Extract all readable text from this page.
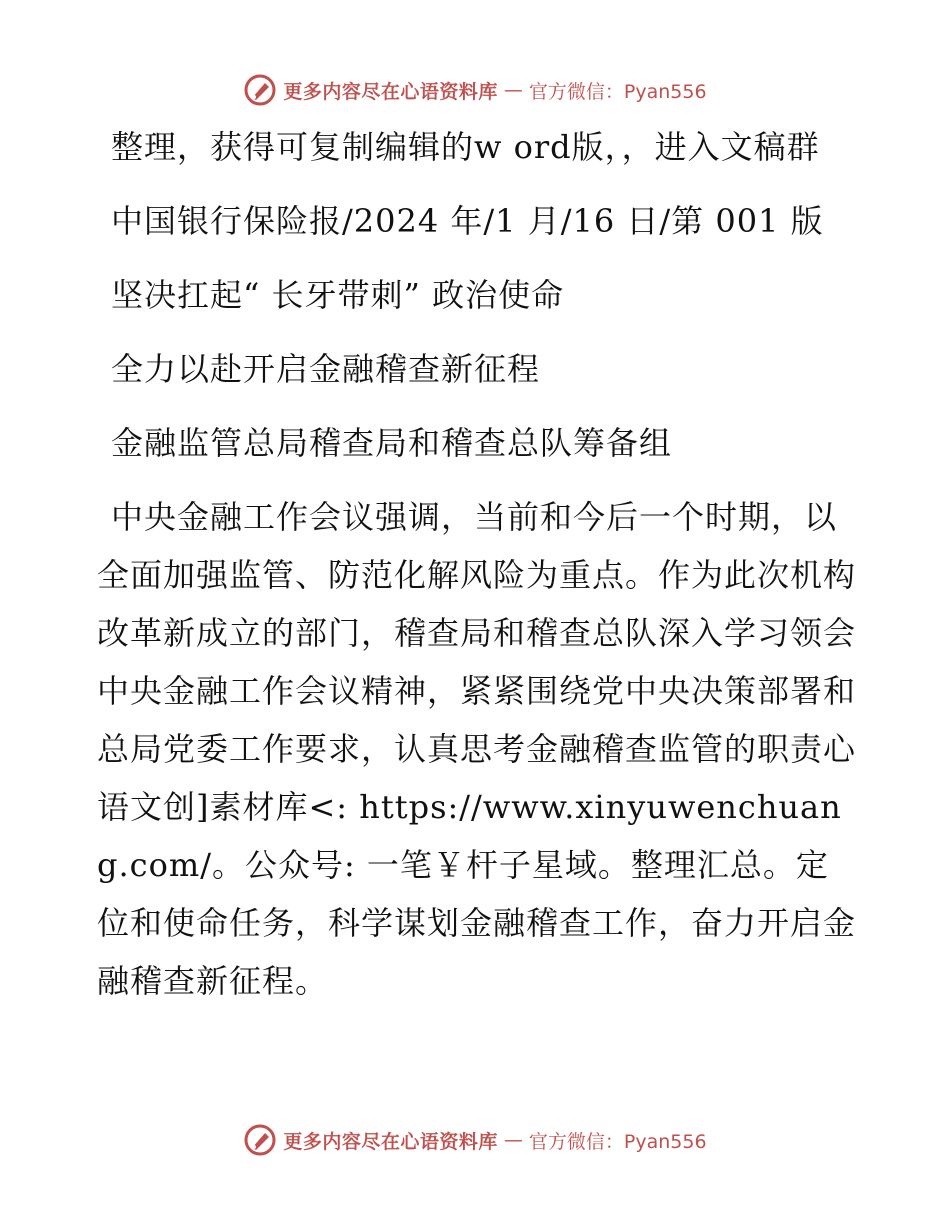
更多内容尽在心语资料库 — 官方微信：Pyan556

整理，获得可复制编辑的w ord版，，进入文稿群

中国银行保险报/2024 年/1 月/16 日/第 001 版

坚决扛起“ 长牙带刺” 政治使命

全力以赴开启金融稽查新征程

金融监管总局稽查局和稽查总队筹备组

中央金融工作会议强调，当前和今后一个时期，以全面加强监管、防范化解风险为重点。作为此次机构改革新成立的部门，稽查局和稽查总队深入学习领会中央金融工作会议精神，紧紧围绕党中央决策部署和总局党委工作要求，认真思考金融稽查监管的职责心语文创]素材库<: https://www.xinyuwenchuang.com/。公众号: 一笔￥杆子星域。整理汇总。定位和使命任务，科学谋划金融稽查工作，奋力开启金融稽查新征程。

更多内容尽在心语资料库 — 官方微信：Pyan556
